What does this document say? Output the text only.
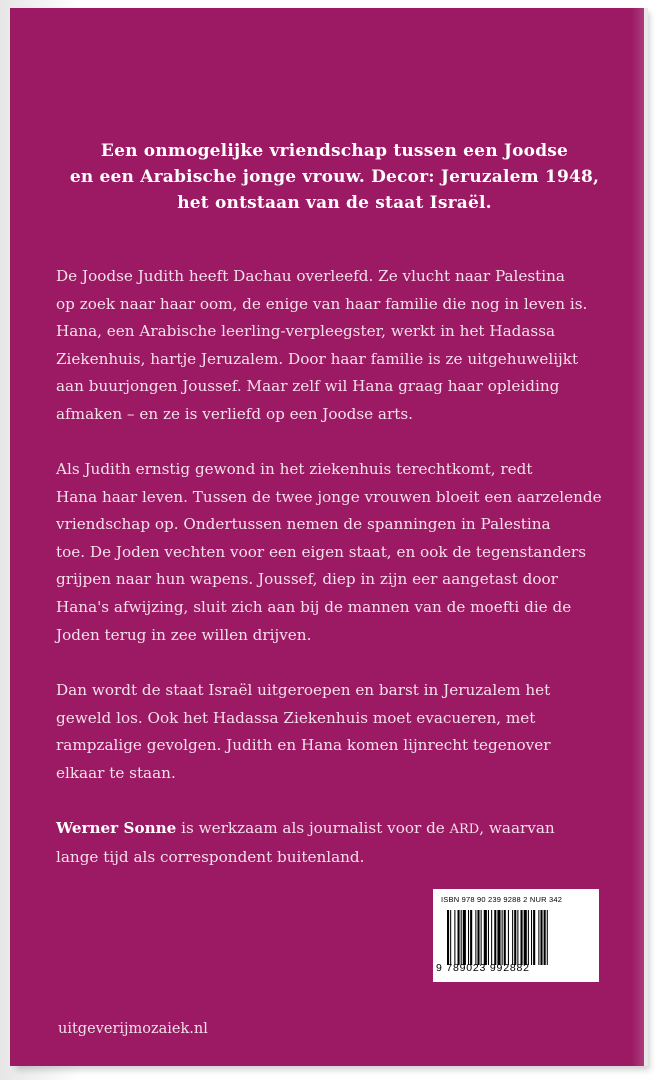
Een onmogelijke vriendschap tussen een Joodse
en een Arabische jonge vrouw. Decor: Jeruzalem 1948,
het ontstaan van de staat Israël.
De Joodse Judith heeft Dachau overleefd. Ze vlucht naar Palestina
op zoek naar haar oom, de enige van haar familie die nog in leven is.
Hana, een Arabische leerling-verpleegster, werkt in het Hadassa
Ziekenhuis, hartje Jeruzalem. Door haar familie is ze uitgehuwelijkt
aan buurjongen Joussef. Maar zelf wil Hana graag haar opleiding
afmaken – en ze is verliefd op een Joodse arts.
Als Judith ernstig gewond in het ziekenhuis terechtkomt, redt
Hana haar leven. Tussen de twee jonge vrouwen bloeit een aarzelende
vriendschap op. Ondertussen nemen de spanningen in Palestina
toe. De Joden vechten voor een eigen staat, en ook de tegenstanders
grijpen naar hun wapens. Joussef, diep in zijn eer aangetast door
Hana's afwijzing, sluit zich aan bij de mannen van de moefti die de
Joden terug in zee willen drijven.
Dan wordt de staat Israël uitgeroepen en barst in Jeruzalem het
geweld los. Ook het Hadassa Ziekenhuis moet evacueren, met
rampzalige gevolgen. Judith en Hana komen lijnrecht tegenover
elkaar te staan.
Werner Sonne is werkzaam als journalist voor de ARD, waarvan
lange tijd als correspondent buitenland.
ISBN 978 90 239 9288 2 NUR 342
9 789023 992882
uitgeverijmozaiek.nl
